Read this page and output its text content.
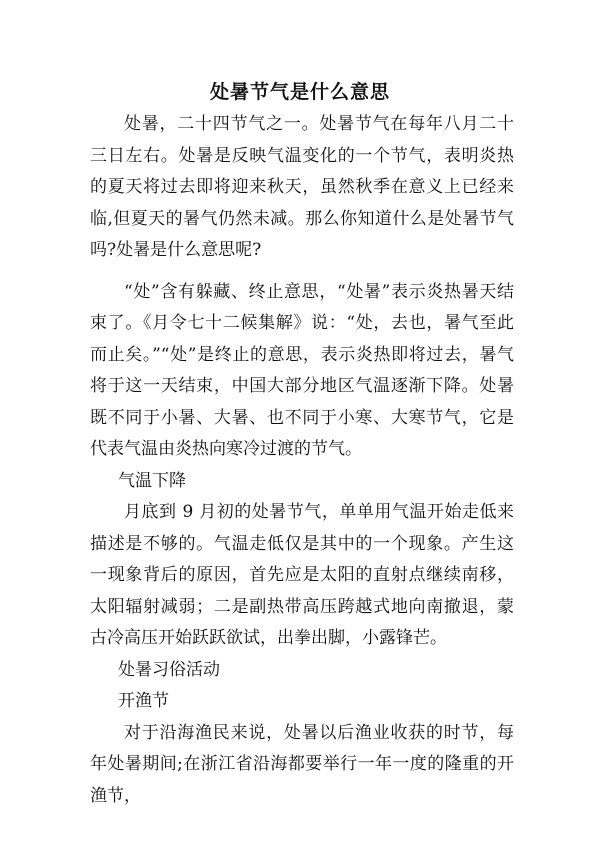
处暑节气是什么意思

处暑，二十四节气之一。处暑节气在每年八月二十三日左右。处暑是反映气温变化的一个节气，表明炎热的夏天将过去即将迎来秋天，虽然秋季在意义上已经来临,但夏天的暑气仍然未减。那么你知道什么是处暑节气吗?处暑是什么意思呢?

“处”含有躲藏、终止意思，“处暑”表示炎热暑天结束了。《月令七十二候集解》说：“处，去也，暑气至此而止矣。”“处”是终止的意思，表示炎热即将过去，暑气将于这一天结束，中国大部分地区气温逐渐下降。处暑既不同于小暑、大暑、也不同于小寒、大寒节气，它是代表气温由炎热向寒冷过渡的节气。

气温下降

月底到 9 月初的处暑节气，单单用气温开始走低来描述是不够的。气温走低仅是其中的一个现象。产生这一现象背后的原因，首先应是太阳的直射点继续南移，太阳辐射减弱；二是副热带高压跨越式地向南撤退，蒙古冷高压开始跃跃欲试，出拳出脚，小露锋芒。

处暑习俗活动

开渔节

对于沿海渔民来说，处暑以后渔业收获的时节，每年处暑期间;在浙江省沿海都要举行一年一度的隆重的开渔节，
